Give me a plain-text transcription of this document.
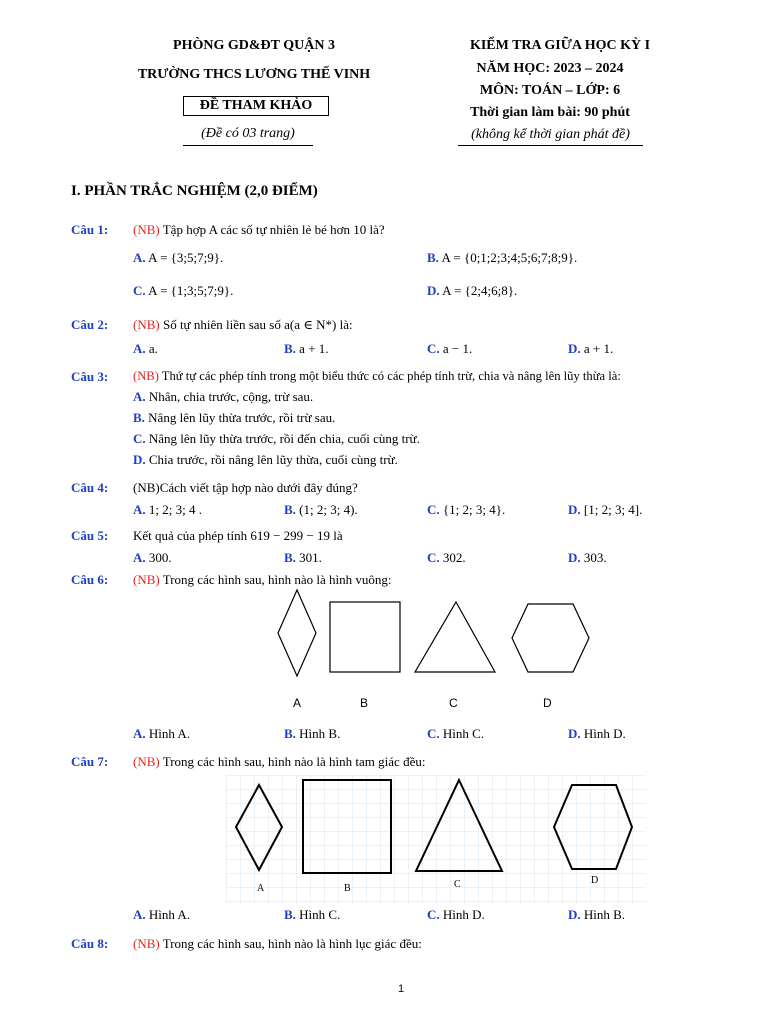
PHÒNG GD&ĐT QUẬN 3
TRƯỜNG THCS LƯƠNG THẾ VINH
ĐỀ THAM KHẢO
(Đề có 03 trang)
KIỂM TRA GIỮA HỌC KỲ I
NĂM HỌC: 2023 – 2024
MÔN: TOÁN – LỚP: 6
Thời gian làm bài: 90 phút
(không kể thời gian phát đề)
I. PHẦN TRẮC NGHIỆM (2,0 ĐIỂM)
Câu 1: (NB) Tập hợp A các số tự nhiên lẻ bé hơn 10 là?
A. A = {3;5;7;9}.	B. A = {0;1;2;3;4;5;6;7;8;9}.
C. A = {1;3;5;7;9}.	D. A = {2;4;6;8}.
Câu 2: (NB) Số tự nhiên liền sau số a(a ∈ N*) là:
A. a.	B. a + 1.	C. a − 1.	D. a + 1.
Câu 3: (NB) Thứ tự các phép tính trong một biểu thức có các phép tính trừ, chia và nâng lên lũy thừa là:
A. Nhân, chia trước, cộng, trừ sau.
B. Nâng lên lũy thừa trước, rồi trừ sau.
C. Nâng lên lũy thừa trước, rồi đến chia, cuối cùng trừ.
D. Chia trước, rồi nâng lên lũy thừa, cuối cùng trừ.
Câu 4: (NB)Cách viết tập hợp nào dưới đây đúng?
A. 1; 2; 3; 4 .	B. (1; 2; 3; 4).	C. {1; 2; 3; 4}.	D. [1; 2; 3; 4].
Câu 5: Kết quả của phép tính 619 − 299 − 19 là
A. 300.	B. 301.	C. 302.	D. 303.
Câu 6: (NB) Trong các hình sau, hình nào là hình vuông:
A	B	C	D
A. Hình A.	B. Hình B.	C. Hình C.	D. Hình D.
Câu 7: (NB) Trong các hình sau, hình nào là hình tam giác đều:
A	B	C	D
A. Hình A.	B. Hình C.	C. Hình D.	D. Hình B.
Câu 8: (NB) Trong các hình sau, hình nào là hình lục giác đều:
1
